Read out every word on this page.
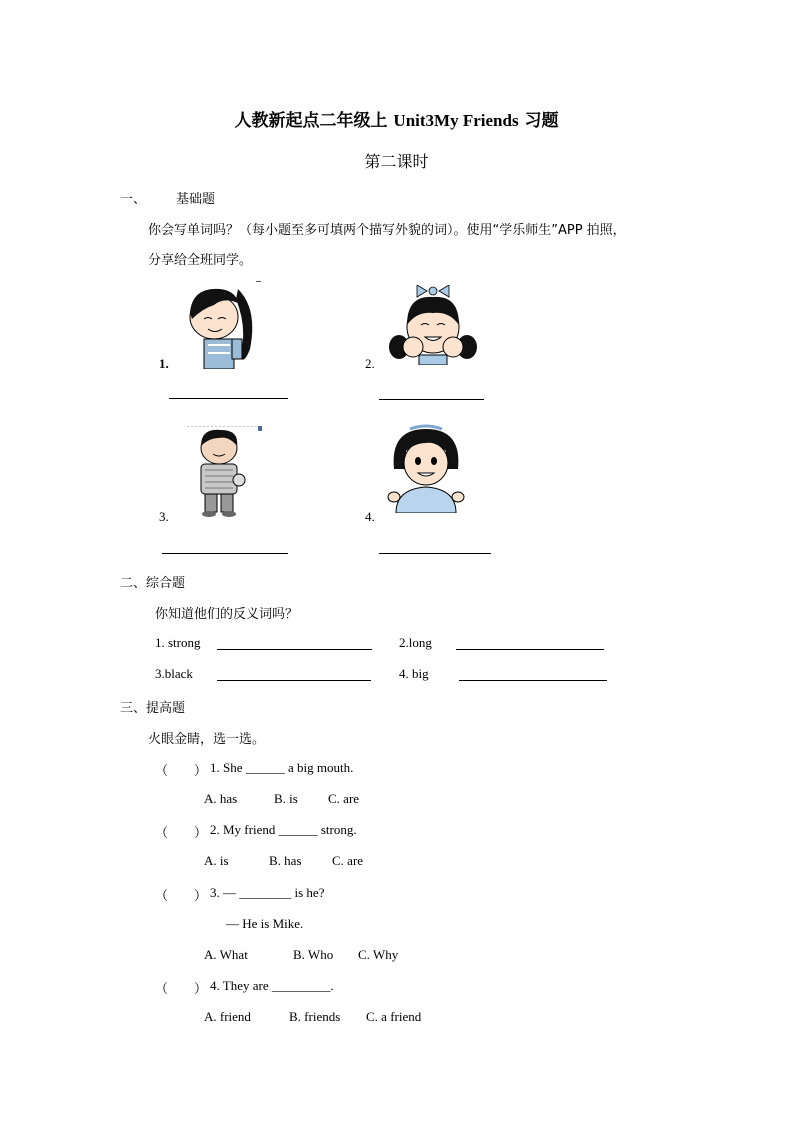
人教新起点二年级上 Unit3My Friends 习题
第二课时
一、 基础题
你会写单词吗？（每小题至多可填两个描写外貌的词）。使用“学乐师生”APP 拍照，
分享给全班同学。
1.	2.
3.	4.
二、综合题
你知道他们的反义词吗？
1. strong	2.long
3.black	4. big
三、提高题
火眼金睛，选一选。
（　　） 1. She ______ a big mouth.
A. has	B. is C. are
（　　） 2. My friend ______ strong.
A. is	B. has C. are
（　　） 3. — ________ is he?
— He is Mike.
A. What	B. Who C. Why
（　　） 4. They are _________.
A. friend	B. friends C. a friend
